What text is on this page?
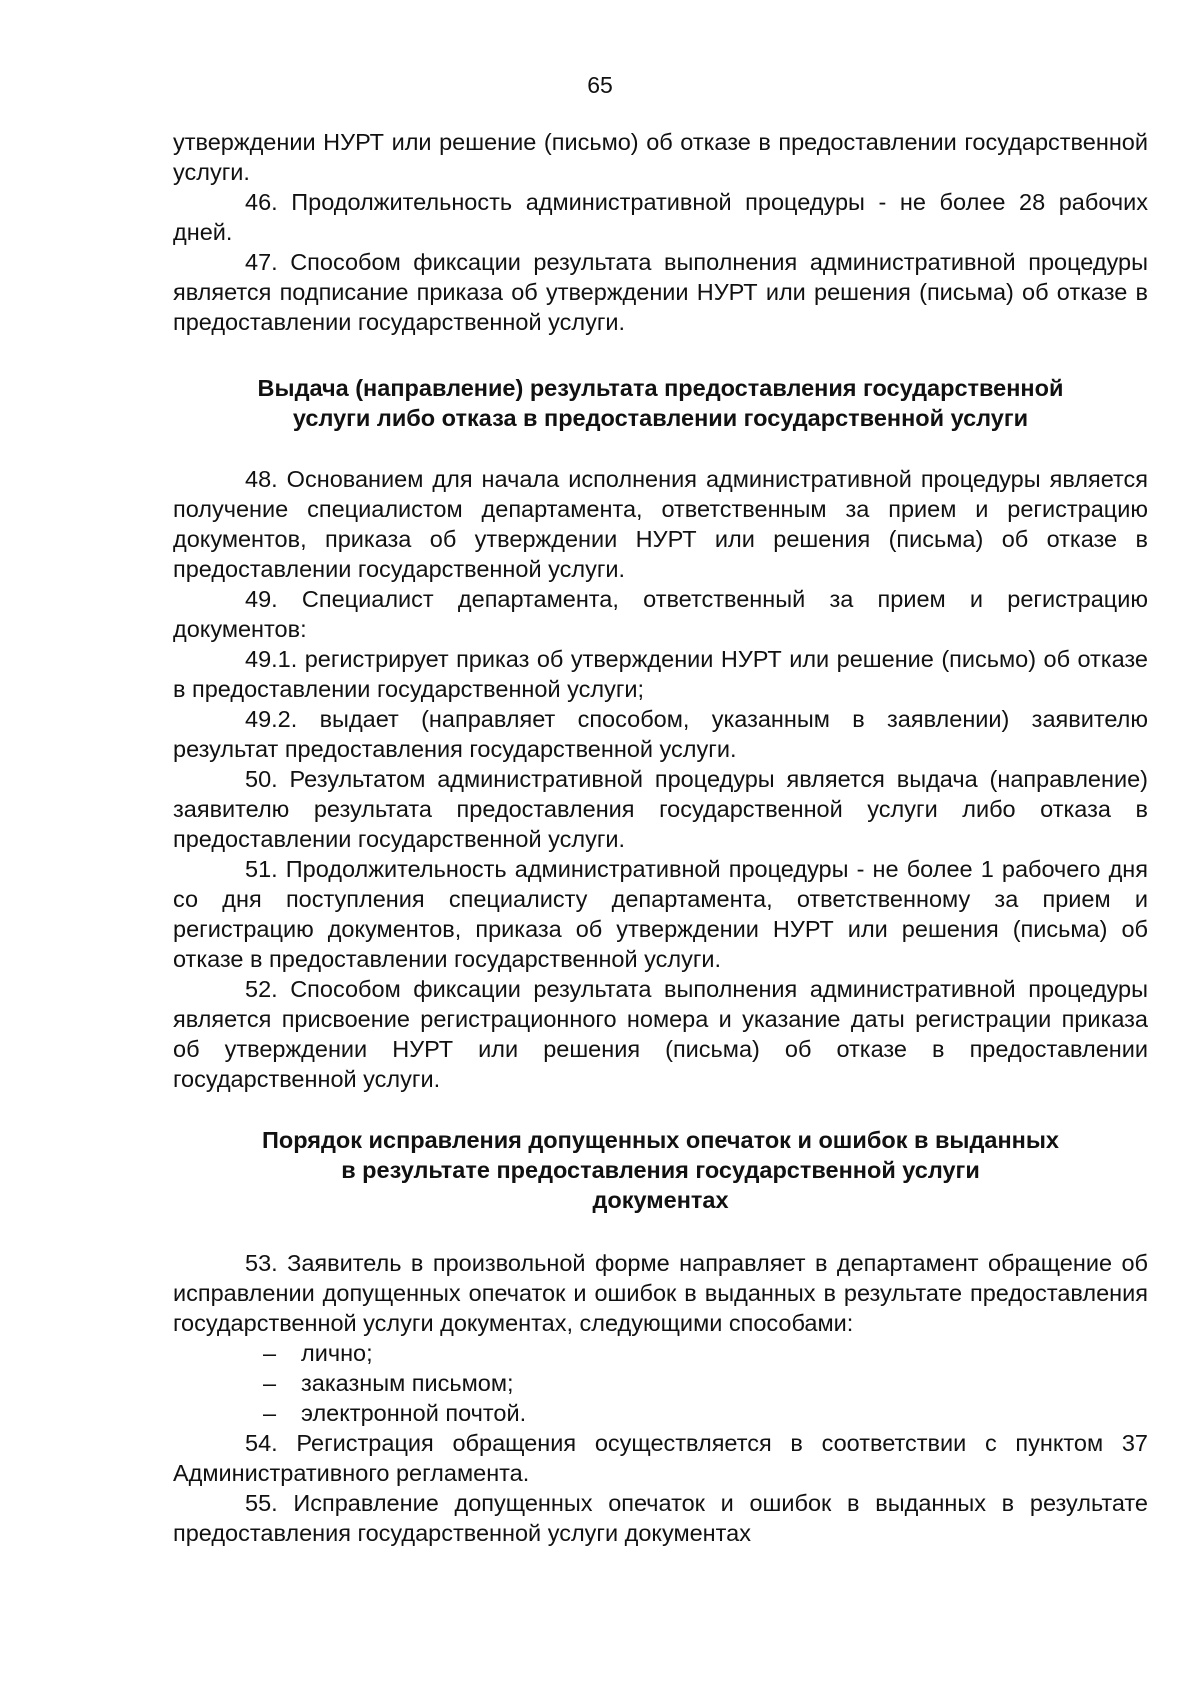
65

утверждении НУРТ или решение (письмо) об отказе в предоставлении государственной услуги.

46. Продолжительность административной процедуры - не более 28 рабочих дней.

47. Способом фиксации результата выполнения административной процедуры является подписание приказа об утверждении НУРТ или решения (письма) об отказе в предоставлении государственной услуги.

Выдача (направление) результата предоставления государственной
услуги либо отказа в предоставлении государственной услуги

48. Основанием для начала исполнения административной процедуры является получение специалистом департамента, ответственным за прием и регистрацию документов, приказа об утверждении НУРТ или решения (письма) об отказе в предоставлении государственной услуги.

49. Специалист департамента, ответственный за прием и регистрацию документов:

49.1. регистрирует приказ об утверждении НУРТ или решение (письмо) об отказе в предоставлении государственной услуги;

49.2. выдает (направляет способом, указанным в заявлении) заявителю результат предоставления государственной услуги.

50. Результатом административной процедуры является выдача (направление) заявителю результата предоставления государственной услуги либо отказа в предоставлении государственной услуги.

51. Продолжительность административной процедуры - не более 1 рабочего дня со дня поступления специалисту департамента, ответственному за прием и регистрацию документов, приказа об утверждении НУРТ или решения (письма) об отказе в предоставлении государственной услуги.

52. Способом фиксации результата выполнения административной процедуры является присвоение регистрационного номера и указание даты регистрации приказа об утверждении НУРТ или решения (письма) об отказе в предоставлении государственной услуги.

Порядок исправления допущенных опечаток и ошибок в выданных
в результате предоставления государственной услуги
документах

53. Заявитель в произвольной форме направляет в департамент обращение об исправлении допущенных опечаток и ошибок в выданных в результате предоставления государственной услуги документах, следующими способами:

– лично;
– заказным письмом;
– электронной почтой.

54. Регистрация обращения осуществляется в соответствии с пунктом 37 Административного регламента.

55. Исправление допущенных опечаток и ошибок в выданных в результате предоставления государственной услуги документах
